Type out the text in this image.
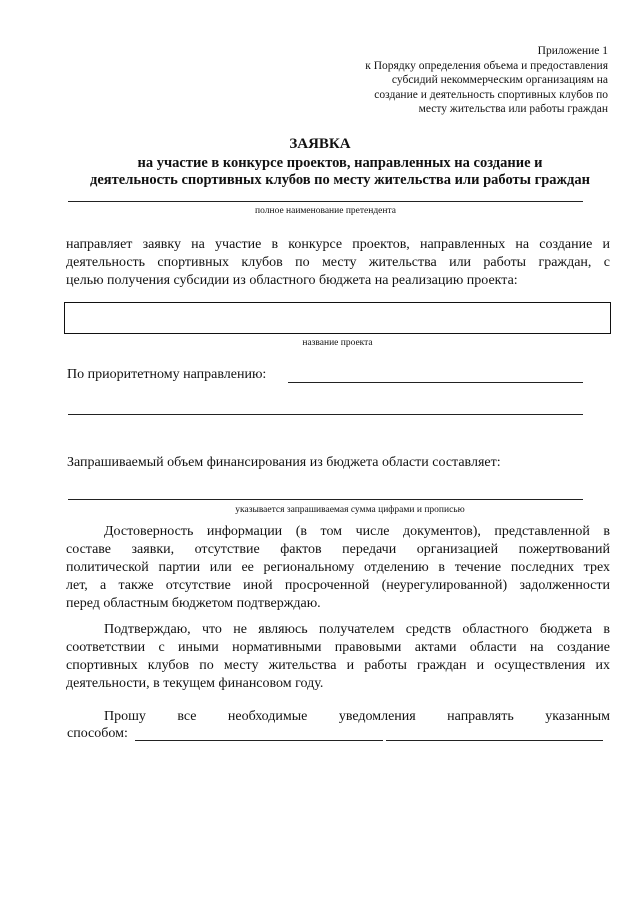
Приложение 1
к Порядку определения объема и предоставления
субсидий некоммерческим организациям на
создание и деятельность спортивных клубов по
месту жительства или работы граждан
ЗАЯВКА
на участие в конкурсе проектов, направленных на создание и
деятельность спортивных клубов по месту жительства или работы граждан
полное наименование претендента
направляет заявку на участие в конкурсе проектов, направленных на создание и
деятельность спортивных клубов по месту жительства или работы граждан, с
целью получения субсидии из областного бюджета на реализацию проекта:
название проекта
По приоритетному направлению:
Запрашиваемый объем финансирования из бюджета области составляет:
указывается запрашиваемая сумма цифрами и прописью
Достоверность информации (в том числе документов), представленной в
составе заявки, отсутствие фактов передачи организацией пожертвований
политической партии или ее региональному отделению в течение последних трех
лет, а также отсутствие иной просроченной (неурегулированной) задолженности
перед областным бюджетом подтверждаю.
Подтверждаю, что не являюсь получателем средств областного бюджета в
соответствии с иными нормативными правовыми актами области на создание
спортивных клубов по месту жительства и работы граждан и осуществления их
деятельности, в текущем финансовом году.
Прошу все необходимые уведомления направлять указанным
способом:
